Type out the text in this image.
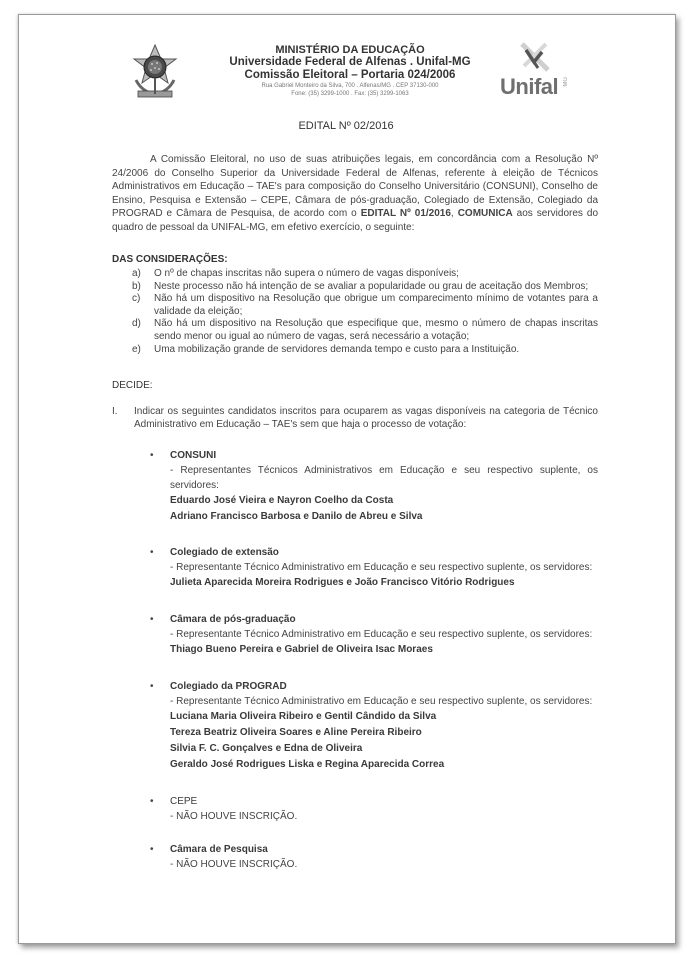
MINISTÉRIO DA EDUCAÇÃO
Universidade Federal de Alfenas . Unifal-MG
Comissão Eleitoral – Portaria 024/2006
Rua Gabriel Monteiro da Silva, 700 . Alfenas/MG . CEP 37130-000
Fone: (35) 3299-1000 . Fax: (35) 3299-1063	Unifal MG
EDITAL Nº 02/2016
A Comissão Eleitoral, no uso de suas atribuições legais, em concordância com a Resolução Nº 24/2006 do Conselho Superior da Universidade Federal de Alfenas, referente à eleição de Técnicos Administrativos em Educação – TAE's para composição do Conselho Universitário (CONSUNI), Conselho de Ensino, Pesquisa e Extensão – CEPE, Câmara de pós-graduação, Colegiado de Extensão, Colegiado da PROGRAD e Câmara de Pesquisa, de acordo com o EDITAL Nº 01/2016, COMUNICA aos servidores do quadro de pessoal da UNIFAL-MG, em efetivo exercício, o seguinte:
DAS CONSIDERAÇÕES:
a)	O nº de chapas inscritas não supera o número de vagas disponíveis;
b)	Neste processo não há intenção de se avaliar a popularidade ou grau de aceitação dos Membros;
c)	Não há um dispositivo na Resolução que obrigue um comparecimento mínimo de votantes para a validade da eleição;
d)	Não há um dispositivo na Resolução que especifique que, mesmo o número de chapas inscritas sendo menor ou igual ao número de vagas, será necessário a votação;
e)	Uma mobilização grande de servidores demanda tempo e custo para a Instituição.
DECIDE:
I.	Indicar os seguintes candidatos inscritos para ocuparem as vagas disponíveis na categoria de Técnico Administrativo em Educação – TAE's sem que haja o processo de votação:
•	CONSUNI
- Representantes Técnicos Administrativos em Educação e seu respectivo suplente, os servidores:
Eduardo José Vieira e Nayron Coelho da Costa
Adriano Francisco Barbosa e Danilo de Abreu e Silva
•	Colegiado de extensão
- Representante Técnico Administrativo em Educação e seu respectivo suplente, os servidores:
Julieta Aparecida Moreira Rodrigues e João Francisco Vitório Rodrigues
•	Câmara de pós-graduação
- Representante Técnico Administrativo em Educação e seu respectivo suplente, os servidores:
Thiago Bueno Pereira e Gabriel de Oliveira Isac Moraes
•	Colegiado da PROGRAD
- Representante Técnico Administrativo em Educação e seu respectivo suplente, os servidores:
Luciana Maria Oliveira Ribeiro e Gentil Cândido da Silva
Tereza Beatriz Oliveira Soares e Aline Pereira Ribeiro
Silvia F. C. Gonçalves e Edna de Oliveira
Geraldo José Rodrigues Liska e Regina Aparecida Correa
•	CEPE
- NÃO HOUVE INSCRIÇÃO.
•	Câmara de Pesquisa
- NÃO HOUVE INSCRIÇÃO.
